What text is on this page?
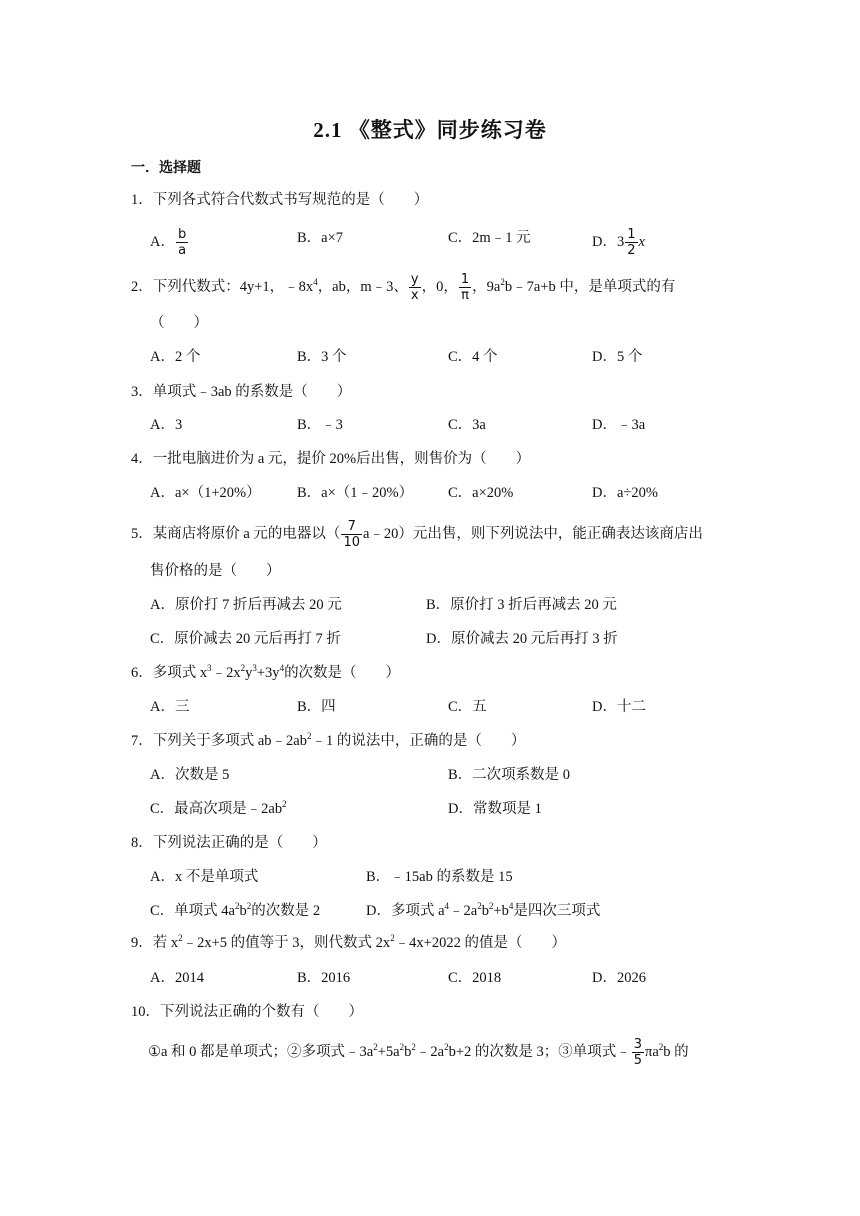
2.1 《整式》同步练习卷
一．选择题
1．下列各式符合代数式书写规范的是（　　）
A． $\frac{b}{a}$	B．a×7	C．2m﹣1 元	D．$3 \frac{1}{2}$ x
2．下列代数式：4y+1，$﹣8x^4$，ab，m﹣3、 $\frac{y}{x}$ ，0， $\frac{1}{\pi}$ ，$9a^2b﹣7a+b$ 中，是单项式的有
（　　）
A．2 个	B．3 个	C．4 个	D．5 个
3．单项式﹣3ab 的系数是（　　）
A．3	B．﹣3	C．3a	D．﹣3a
4．一批电脑进价为 a 元，提价 20%后出售，则售价为（　　）
A．a×（1+20%）	B．a×（1﹣20%） C．a×20%	D．a÷20%
5．某商店将原价 a 元的电器以（ $\frac{7}{10}$ a﹣20）元出售，则下列说法中，能正确表达该商店出
售价格的是（　　）
A．原价打 7 折后再减去 20 元	B．原价打 3 折后再减去 20 元
C．原价减去 20 元后再打 7 折	D．原价减去 20 元后再打 3 折
6．多项式 $x^3﹣2x^2y^3+3y^4$的次数是（　　）
A．三	B．四	C．五	D．十二
7．下列关于多项式 $ab﹣2ab^2﹣1$ 的说法中，正确的是（　　）
A．次数是 5	B．二次项系数是 0
C．最高次项是$﹣2ab^2$	D．常数项是 1
8．下列说法正确的是（　　）
A．x 不是单项式	B．﹣15ab 的系数是 15
C．单项式 $4a^2b^2$的次数是 2	D．多项式 $a^4﹣2a^2b^2+b^4$是四次三项式
9．若 $x^2﹣2x+5$ 的值等于 3，则代数式 $2x^2﹣4x+2022$ 的值是（　　）
A．2014	B．2016	C．2018	D．2026
10．下列说法正确的个数有（　　）
①a 和 0 都是单项式；②多项式$﹣3a^2+5a^2b^2﹣2a^2b+2$ 的次数是 3；③单项式﹣ $\frac{3}{5} \pi a^2b$ 的
